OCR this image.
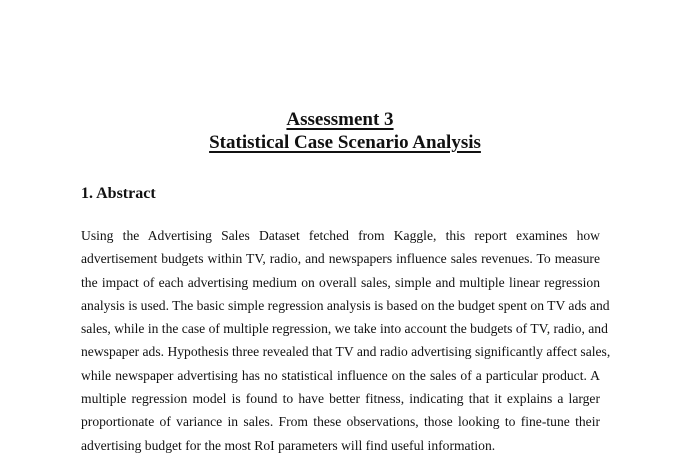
Assessment 3
Statistical Case Scenario Analysis
1. Abstract
Using the Advertising Sales Dataset fetched from Kaggle, this report examines how
advertisement budgets within TV, radio, and newspapers influence sales revenues. To measure
the impact of each advertising medium on overall sales, simple and multiple linear regression
analysis is used. The basic simple regression analysis is based on the budget spent on TV ads and
sales, while in the case of multiple regression, we take into account the budgets of TV, radio, and
newspaper ads. Hypothesis three revealed that TV and radio advertising significantly affect sales,
while newspaper advertising has no statistical influence on the sales of a particular product. A
multiple regression model is found to have better fitness, indicating that it explains a larger
proportionate of variance in sales. From these observations, those looking to fine-tune their
advertising budget for the most RoI parameters will find useful information.
